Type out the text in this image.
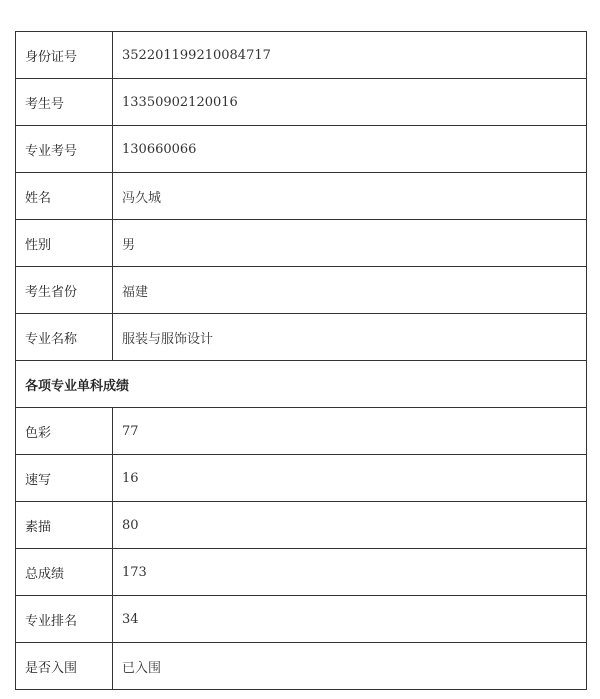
身份证号	352201199210084717
考生号	13350902120016
专业考号	130660066
姓名	冯久城
性别	男
考生省份	福建
专业名称	服装与服饰设计
各项专业单科成绩	
色彩	77
速写	16
素描	80
总成绩	173
专业排名	34
是否入围	已入围
